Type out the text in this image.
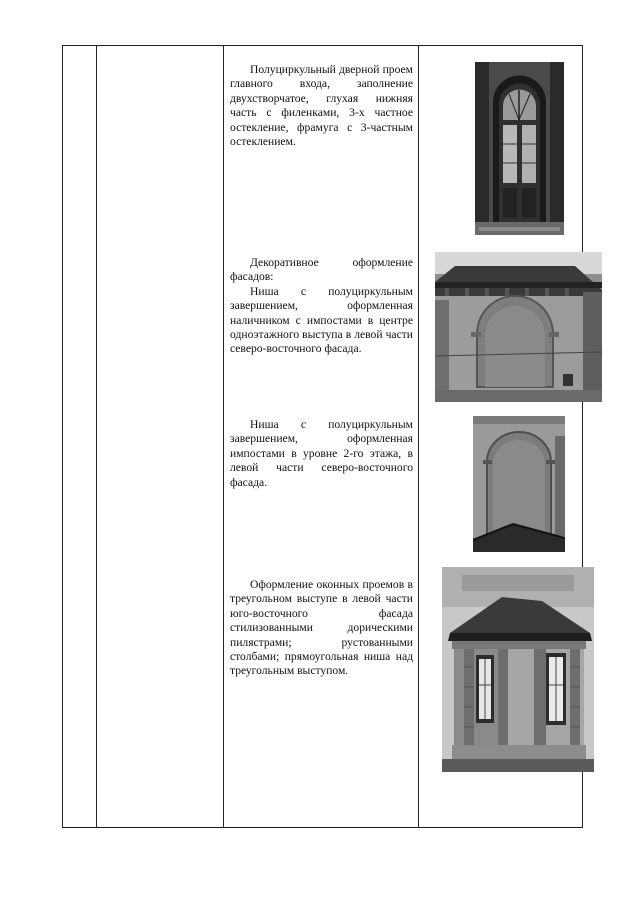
Полуциркульный дверной проем главного входа, заполнение двухстворчатое, глухая нижняя часть с филенками, 3-х частное остекление, фрамуга с 3-частным остеклением.

Декоративное оформление фасадов:

Ниша с полуциркульным завершением, оформленная наличником с импостами в центре одноэтажного выступа в левой части северо-восточного фасада.

Ниша с полуциркульным завершением, оформленная импостами в уровне 2-го этажа, в левой части северо-восточного фасада.

Оформление оконных проемов в треугольном выступе в левой части юго-восточного фасада стилизованными дорическими пилястрами; рустованными столбами; прямоугольная ниша над треугольным выступом.
